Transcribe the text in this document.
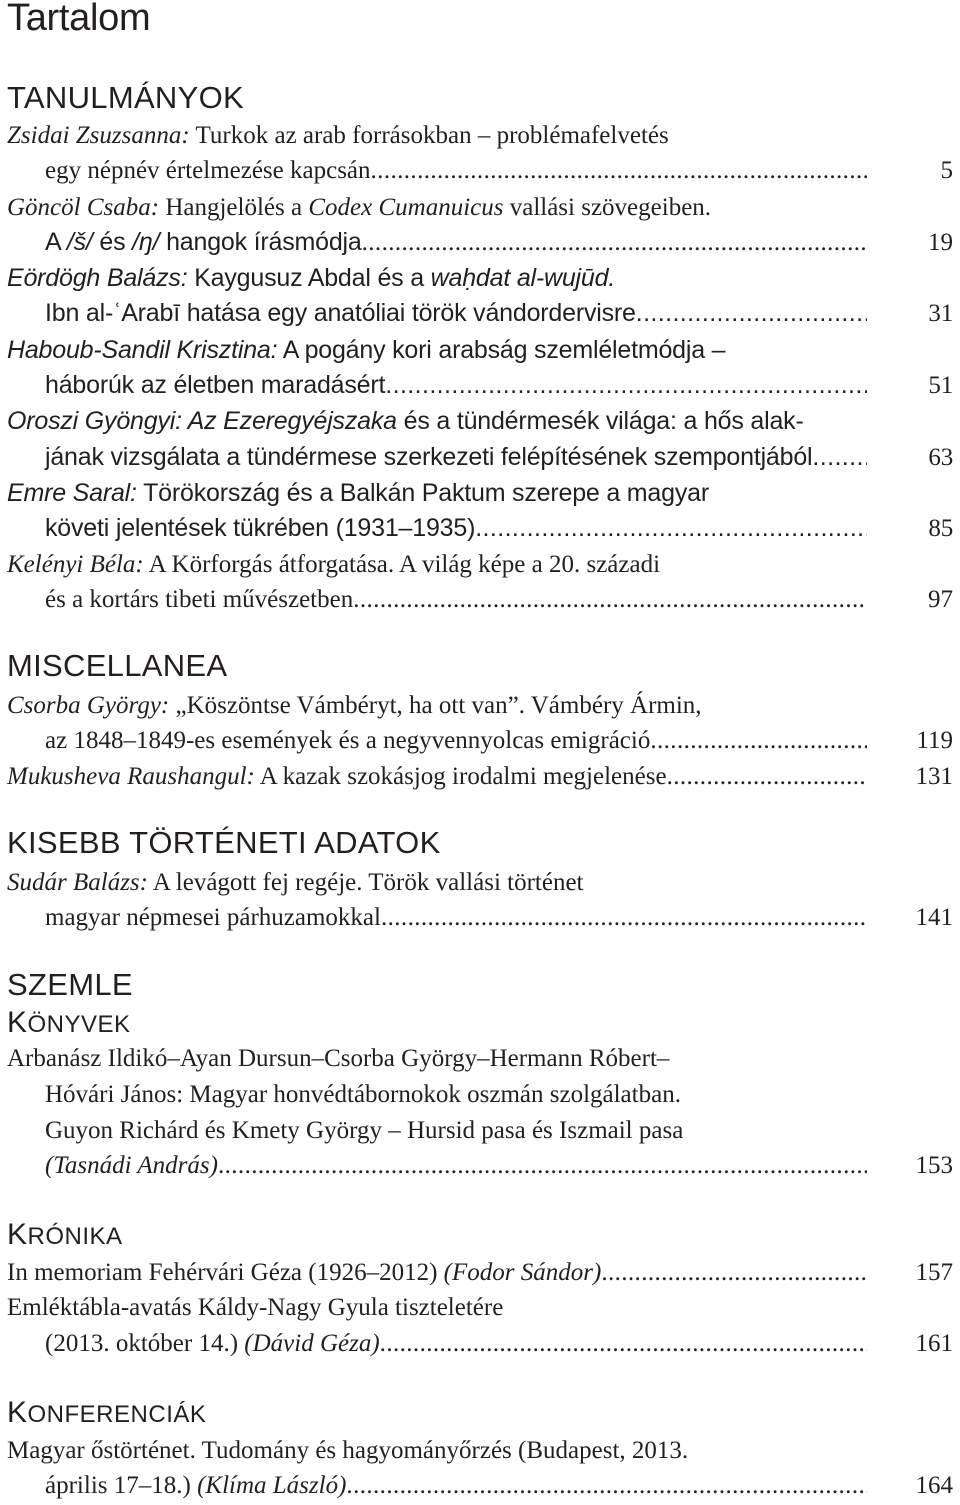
Tartalom
TANULMÁNYOK
Zsidai Zsuzsanna: Turkok az arab forrásokban – problémafelvetés
egy népnév értelmezése kapcsán .....	5
Göncöl Csaba: Hangjelölés a Codex Cumanuicus vallási szövegeiben.
A /š/ és /ŋ/ hangok írásmódja .....	19
Eördögh Balázs: Kaygusuz Abdal és a waḥdat al-wujūd.
Ibn al-ʿArabī hatása egy anatóliai török vándordervisre .....	31
Haboub-Sandil Krisztina: A pogány kori arabság szemléletmódja –
háborúk az életben maradásért .....	51
Oroszi Gyöngyi: Az Ezeregyéjszaka és a tündérmesék világa: a hős alak-
jának vizsgálata a tündérmese szerkezeti felépítésének szempontjából .....	63
Emre Saral: Törökország és a Balkán Paktum szerepe a magyar
követi jelentések tükrében (1931–1935) .....	85
Kelényi Béla: A Körforgás átforgatása. A világ képe a 20. századi
és a kortárs tibeti művészetben .....	97
MISCELLANEA
Csorba György: „Köszöntse Vámbéryt, ha ott van”. Vámbéry Ármin,
az 1848–1849-es események és a negyvennyolcas emigráció .....	119
Mukusheva Raushangul: A kazak szokásjog irodalmi megjelenése .....	131
KISEBB TÖRTÉNETI ADATOK
Sudár Balázs: A levágott fej regéje. Török vallási történet
magyar népmesei párhuzamokkal .....	141
SZEMLE
KÖNYVEK
Arbanász Ildikó–Ayan Dursun–Csorba György–Hermann Róbert–
Hóvári János: Magyar honvédtábornokok oszmán szolgálatban.
Guyon Richárd és Kmety György – Hursid pasa és Iszmail pasa
(Tasnádi András) .....	153
KRÓNIKA
In memoriam Fehérvári Géza (1926–2012) (Fodor Sándor) .....	157
Emléktábla-avatás Káldy-Nagy Gyula tiszteletére
(2013. október 14.) (Dávid Géza) .....	161
KONFERENCIÁK
Magyar őstörténet. Tudomány és hagyományőrzés (Budapest, 2013.
április 17–18.) (Klíma László) .....	164
